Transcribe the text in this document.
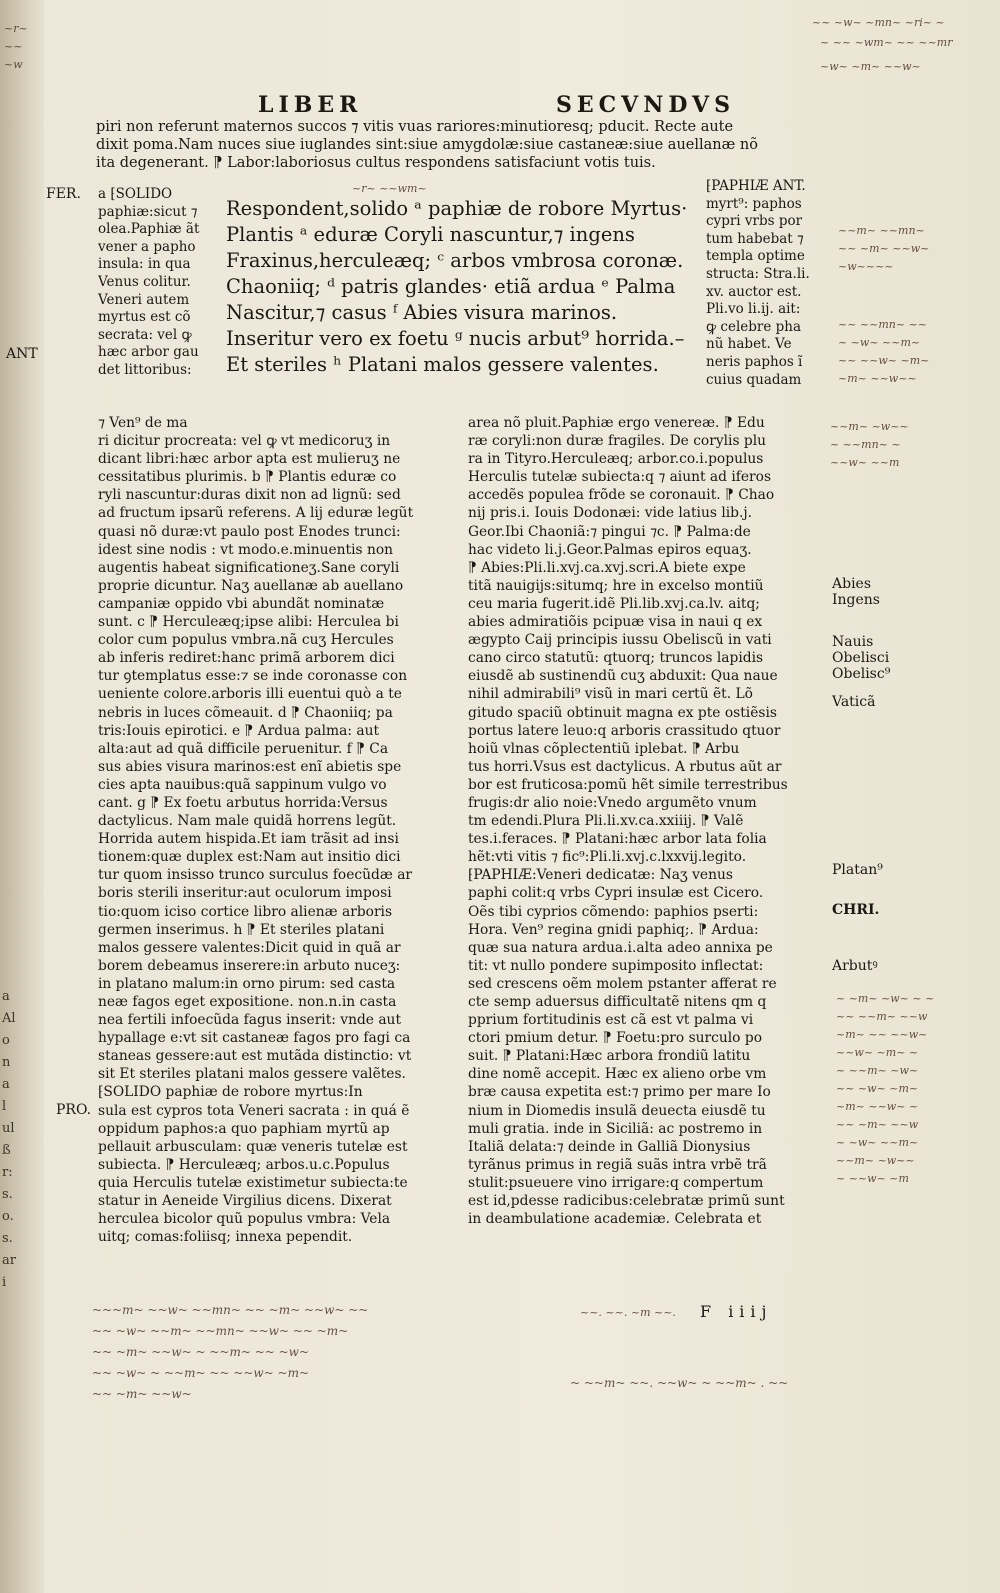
a
Al
o
n
a
l
ul
ß
r:
s.
o.
s.
ar
i
~~ ~w~ ~mn~ ~ri~ ~
~ ~~ ~wm~ ~~ ~~mr
~w~ ~m~ ~~w~
~r~ ~~wm~
~~m~ ~~mn~
~~ ~m~ ~~w~
~w~~~~
~~ ~~mn~ ~~
~ ~w~ ~~m~
~~ ~~w~ ~m~
~m~ ~~w~~
~~m~ ~w~~
~ ~~mn~ ~
~~w~ ~~m
~ ~m~ ~w~ ~ ~
~~ ~~m~ ~~w
~m~ ~~ ~~w~
~~w~ ~m~ ~
~ ~~m~ ~w~
~~ ~w~ ~m~
~m~ ~~w~ ~
~~ ~m~ ~~w
~ ~w~ ~~m~
~~m~ ~w~~
~ ~~w~ ~m
~~~m~ ~~w~ ~~mn~ ~~ ~m~ ~~w~ ~~
~~ ~w~ ~~m~ ~~mn~ ~~w~ ~~ ~m~
~~ ~m~ ~~w~ ~ ~~m~ ~~ ~w~
~~ ~w~ ~ ~~m~ ~~ ~~w~ ~m~
~~ ~m~ ~~w~
~~. ~~. ~m ~~.
~ ~~m~ ~~. ~~w~ ~ ~~m~ . ~~
~r~
~~
~w
LIBER	SECVNDVS
piri non referunt maternos succos ⁊ vitis vuas rariores:minutioresq; pducit. Recte aute
dixit poma.Nam nuces siue iuglandes sint:siue amygdolæ:siue castaneæ:siue auellanæ nõ
ita degenerant. ⁋ Labor:laboriosus cultus respondens satisfaciunt votis tuis.
FER.
ANT
PRO.
a ⁅SOLIDO
paphiæ:sicut ⁊
olea.Paphiæ ãt
vener a papho
insula: in qua
Venus colitur.
Veneri autem
myrtus est cõ
secrata: vel ꝙ
hæc arbor gau
det littoribus:
Respondent,solido ᵃ paphiæ de robore Myrtus·
Plantis ᵃ eduræ Coryli nascuntur,⁊ ingens
Fraxinus,herculeæq; ᶜ arbos vmbrosa coronæ.
Chaoniiq; ᵈ patris glandes· etiã ardua ᵉ Palma
Nascitur,⁊ casus ᶠ Abies visura marinos.
Inseritur vero ex foetu ᵍ nucis arbut⁹ horrida.–
Et steriles ʰ Platani malos gessere valentes.
⁅PAPHIÆ ANT.
myrt⁹: paphos
cypri vrbs por
tum habebat ⁊
templa optime
structa: Stra.li.
xv. auctor est.
Pli.vo li.ij. ait:
ꝙ celebre pha
nũ habet. Ve
neris paphos ĩ
cuius quadam
⁊ Ven⁹ de ma
ri dicitur procreata: vel ꝙ vt medicoruʒ in
dicant libri:hæc arbor apta est mulieruʒ ne
cessitatibus plurimis. b ⁋ Plantis eduræ co
ryli nascuntur:duras dixit non ad lignũ: sed
ad fructum ipsarũ referens. A lij eduræ legũt
quasi nõ duræ:vt paulo post Enodes trunci:
idest sine nodis : vt modo.e.minuentis non
augentis habeat significationeʒ.Sane coryli
proprie dicuntur. Naʒ auellanæ ab auellano
campaniæ oppido vbi abundãt nominatæ
sunt. c ⁋ Herculeæq;ipse alibi: Herculea bi
color cum populus vmbra.nã cuʒ Hercules
ab inferis rediret:hanc primã arborem dici
tur ꝯtemplatus esse:⁊ se inde coronasse con
ueniente colore.arboris illi euentui quò a te
nebris in luces cõmeauit. d ⁋ Chaoniiq; pa
tris:Iouis epirotici. e ⁋ Ardua palma: aut
alta:aut ad quã difficile peruenitur. f ⁋ Ca
sus abies visura marinos:est enĩ abietis spe
cies apta nauibus:quã sappinum vulgo vo
cant. g ⁋ Ex foetu arbutus horrida:Versus
dactylicus. Nam male quidã horrens legũt.
Horrida autem hispida.Et iam trãsit ad insi
tionem:quæ duplex est:Nam aut insitio dici
tur quom insisso trunco surculus foecũdæ ar
boris sterili inseritur:aut oculorum imposi
tio:quom iciso cortice libro alienæ arboris
germen inserimus. h ⁋ Et steriles platani
malos gessere valentes:Dicit quid in quã ar
borem debeamus inserere:in arbuto nuceʒ:
in platano malum:in orno pirum: sed casta
neæ fagos eget expositione. non.n.in casta
nea fertili infoecũda fagus inserit: vnde aut
hypallage e:vt sit castaneæ fagos pro fagi ca
staneas gessere:aut est mutãda distinctio: vt
sit Et steriles platani malos gessere valẽtes.
⁅SOLIDO paphiæ de robore myrtus:In
sula est cypros tota Veneri sacrata : in quá ẽ
oppidum paphos:a quo paphiam myrtũ ap
pellauit arbusculam: quæ veneris tutelæ est
subiecta. ⁋ Herculeæq; arbos.u.c.Populus
quia Herculis tutelæ existimetur subiecta:te
statur in Aeneide Virgilius dicens. Dixerat
herculea bicolor quũ populus vmbra: Vela
uitq; comas:foliisq; innexa pependit.
area nõ pluit.Paphiæ ergo venereæ. ⁋ Edu
ræ coryli:non duræ fragiles. De corylis plu
ra in Tityro.Herculeæq; arbor.co.i.populus
Herculis tutelæ subiecta:q ⁊ aiunt ad iferos
accedẽs populea frõde se coronauit. ⁋ Chao
nij pris.i. Iouis Dodonæi: vide latius lib.j.
Geor.Ibi Chaoniã:⁊ pingui ⁊c. ⁋ Palma:de
hac videto li.j.Geor.Palmas epiros equaʒ.
⁋ Abies:Pli.li.xvj.ca.xvj.scri.A biete expe
titã nauigijs:situmq; hre in excelso montiũ
ceu maria fugerit.idẽ Pli.lib.xvj.ca.lv. aitq;
abies admiratiõis pcipuæ visa in naui q ex
ægypto Caij principis iussu Obeliscũ in vati
cano circo statutũ: qtuorq; truncos lapidis
eiusdẽ ab sustinendũ cuʒ abduxit: Qua naue
nihil admirabili⁹ visũ in mari certũ ẽt. Lõ
gitudo spaciũ obtinuit magna ex pte ostiẽsis
portus latere leuo:q arboris crassitudo qtuor
hoiũ vlnas cõplectentiũ iplebat. ⁋ Arbu
tus horri.Vsus est dactylicus. A rbutus aũt ar
bor est fruticosa:pomũ hẽt simile terrestribus
frugis:dr alio noie:Vnedo argumẽto vnum
tm edendi.Plura Pli.li.xv.ca.xxiiij. ⁋ Valẽ
tes.i.feraces. ⁋ Platani:hæc arbor lata folia
hẽt:vti vitis ⁊ fic⁹:Pli.li.xvj.c.lxxvij.legito.
⁅PAPHIÆ:Veneri dedicatæ: Naʒ venus
paphi colit:q vrbs Cypri insulæ est Cicero.
Oẽs tibi cyprios cõmendo: paphios pserti:
Hora. Ven⁹ regina gnidi paphiq;. ⁋ Ardua:
quæ sua natura ardua.i.alta adeo annixa pe
tit: vt nullo pondere supimposito inflectat:
sed crescens oẽm molem pstanter afferat re
cte semp aduersus difficultatẽ nitens qm q
pprium fortitudinis est cã est vt palma vi
ctori pmium detur. ⁋ Foetu:pro surculo po
suit. ⁋ Platani:Hæc arbora frondiũ latitu
dine nomẽ accepit. Hæc ex alieno orbe vm
bræ causa expetita est:⁊ primo per mare Io
nium in Diomedis insulã deuecta eiusdẽ tu
muli gratia. inde in Siciliã: ac postremo in
Italiã delata:⁊ deinde in Galliã Dionysius
tyrãnus primus in regiã suãs intra vrbẽ trã
stulit:psueuere vino irrigare:q compertum
est id,pdesse radicibus:celebratæ primũ sunt
in deambulatione academiæ. Celebrata et
Abies
Ingens
Nauis
Obelisci
Obelisc⁹
Vaticã
Platan⁹
CHRI.
Arbutꝰ
F iiij
